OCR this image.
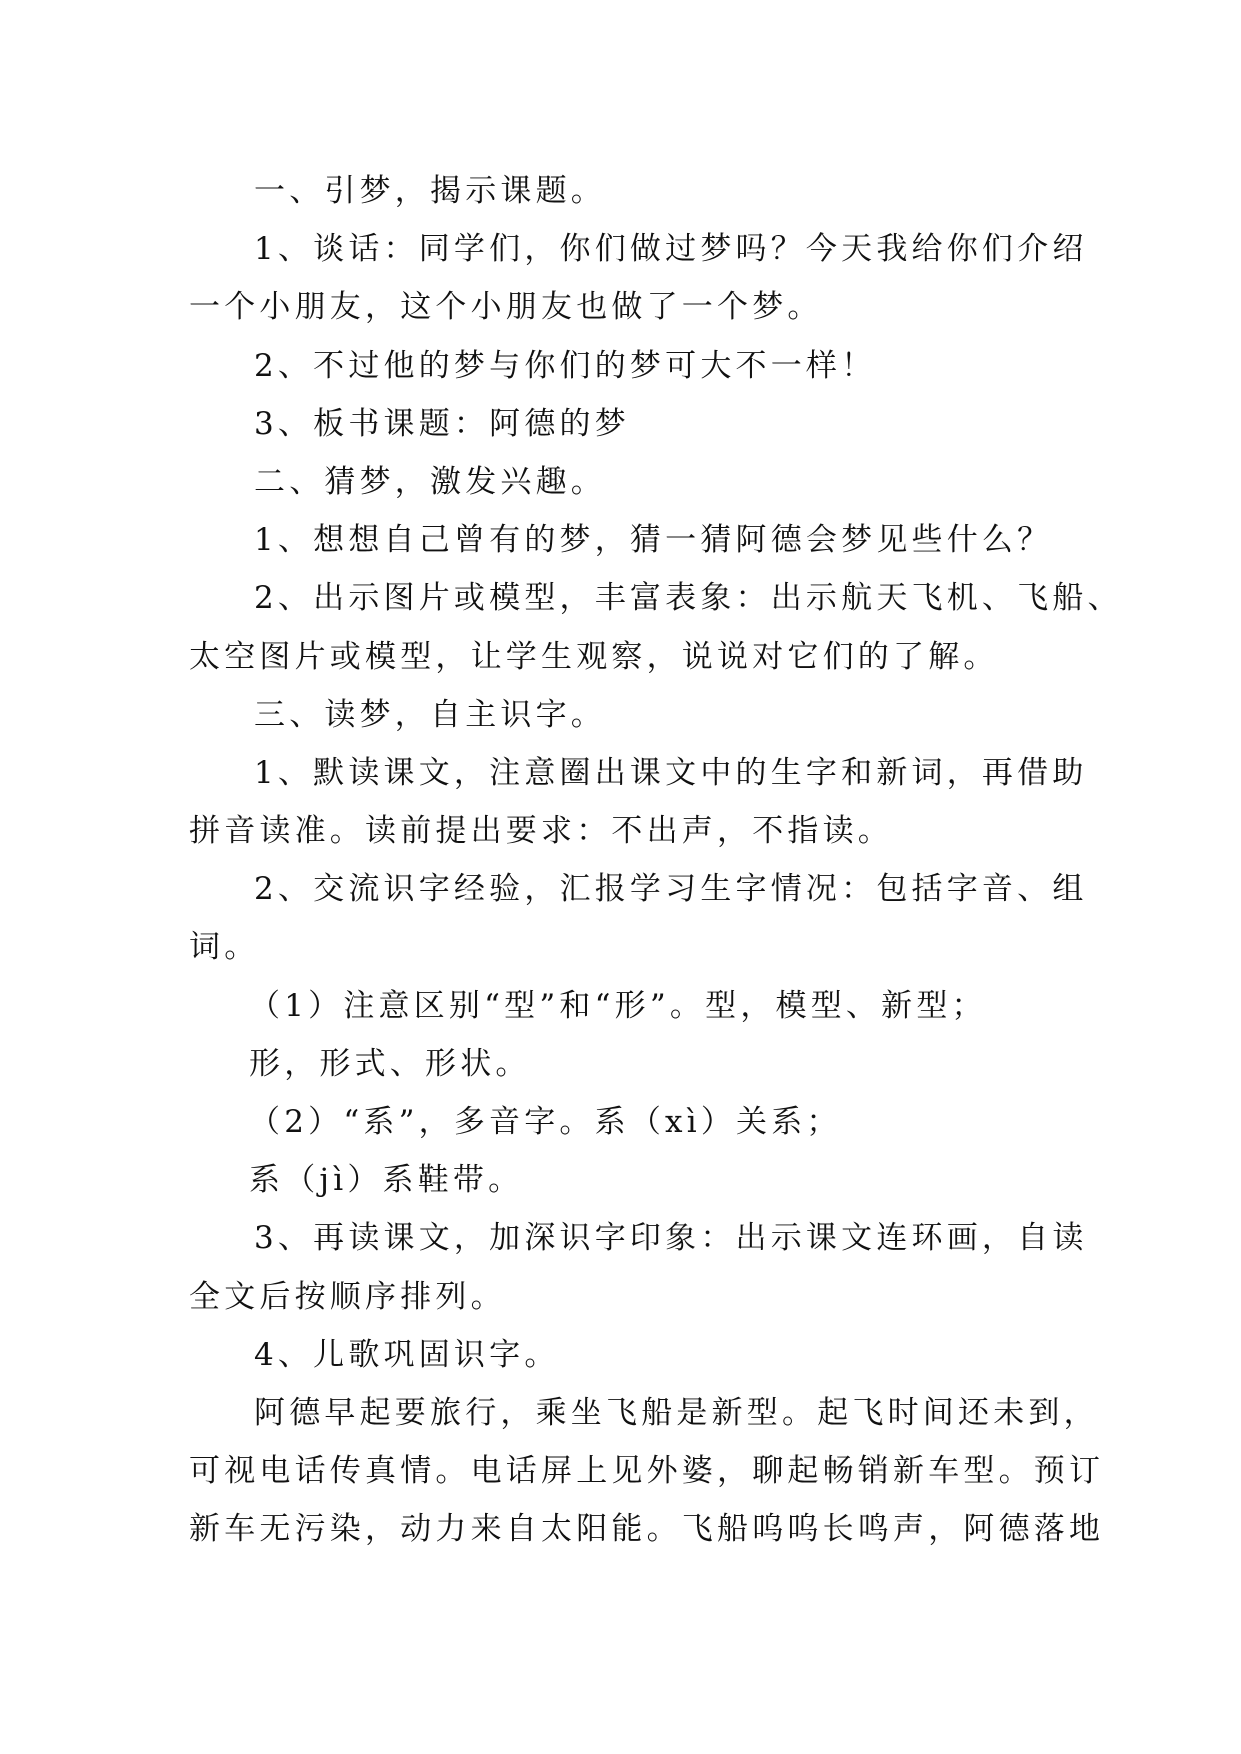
一、引梦，揭示课题。
1、谈话：同学们，你们做过梦吗？今天我给你们介绍
一个小朋友，这个小朋友也做了一个梦。
2、不过他的梦与你们的梦可大不一样！
3、板书课题：阿德的梦
二、猜梦，激发兴趣。
1、想想自己曾有的梦，猜一猜阿德会梦见些什么？
2、出示图片或模型，丰富表象：出示航天飞机、飞船、
太空图片或模型，让学生观察，说说对它们的了解。
三、读梦，自主识字。
1、默读课文，注意圈出课文中的生字和新词，再借助
拼音读准。读前提出要求：不出声，不指读。
2、交流识字经验，汇报学习生字情况：包括字音、组
词。
（1）注意区别“型”和“形”。型，模型、新型；
形，形式、形状。
（2）“系”，多音字。系（xì）关系；
系（jì）系鞋带。
3、再读课文，加深识字印象：出示课文连环画，自读
全文后按顺序排列。
4、儿歌巩固识字。
阿德早起要旅行，乘坐飞船是新型。起飞时间还未到，
可视电话传真情。电话屏上见外婆，聊起畅销新车型。预订
新车无污染，动力来自太阳能。飞船呜呜长鸣声，阿德落地
